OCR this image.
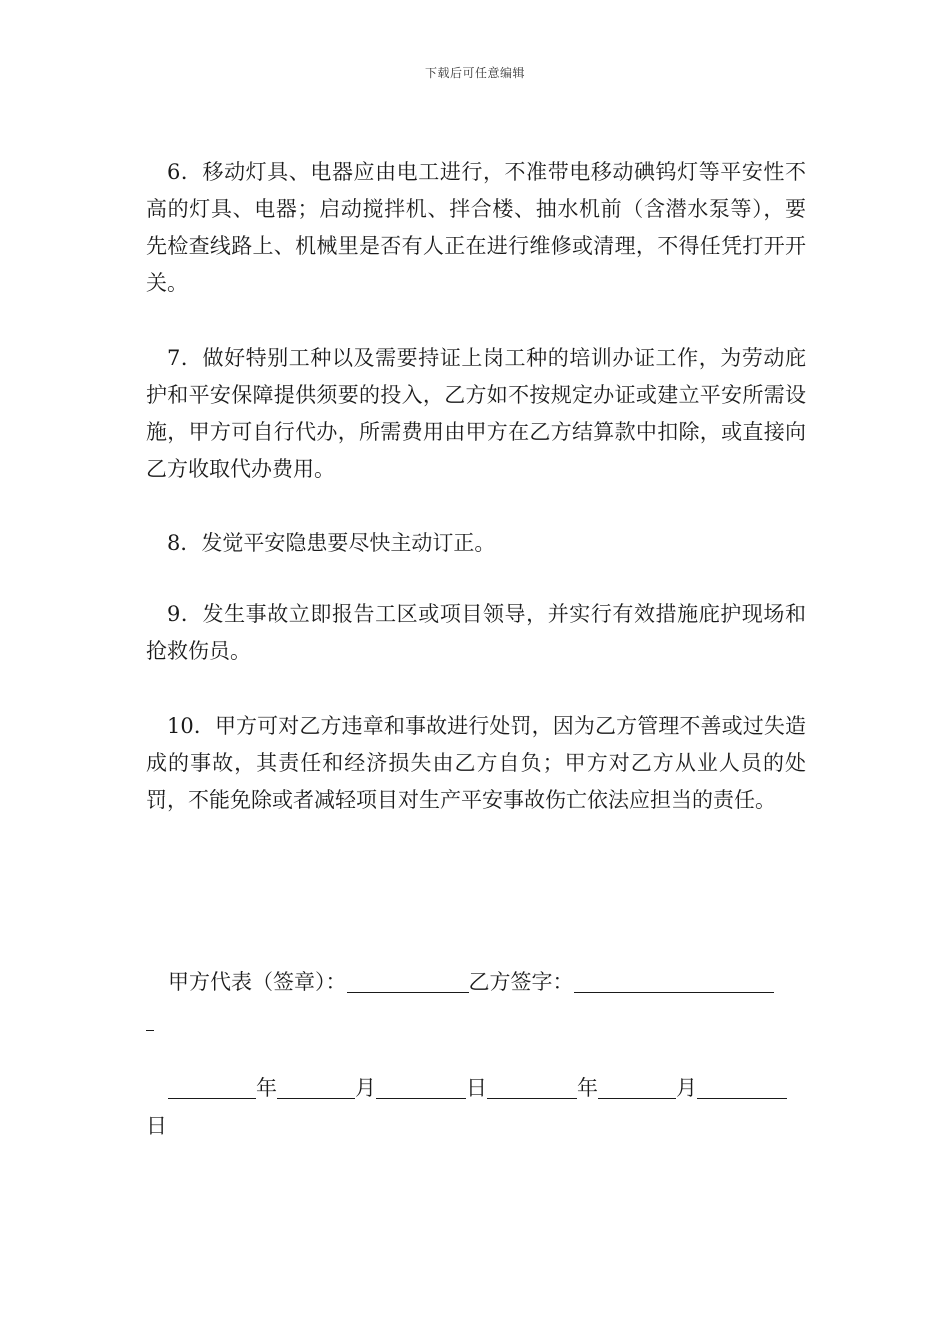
下载后可任意编辑
6．移动灯具、电器应由电工进行，不准带电移动碘钨灯等平安性不高的灯具、电器；启动搅拌机、拌合楼、抽水机前（含潜水泵等），要先检查线路上、机械里是否有人正在进行维修或清理，不得任凭打开开关。
7．做好特别工种以及需要持证上岗工种的培训办证工作，为劳动庇护和平安保障提供须要的投入，乙方如不按规定办证或建立平安所需设施，甲方可自行代办，所需费用由甲方在乙方结算款中扣除，或直接向乙方收取代办费用。
8．发觉平安隐患要尽快主动订正。
9．发生事故立即报告工区或项目领导，并实行有效措施庇护现场和抢救伤员。
10．甲方可对乙方违章和事故进行处罚，因为乙方管理不善或过失造成的事故，其责任和经济损失由乙方自负；甲方对乙方从业人员的处罚，不能免除或者减轻项目对生产平安事故伤亡依法应担当的责任。
甲方代表（签章）：	乙方签字：
年	月	日	年	月
日
